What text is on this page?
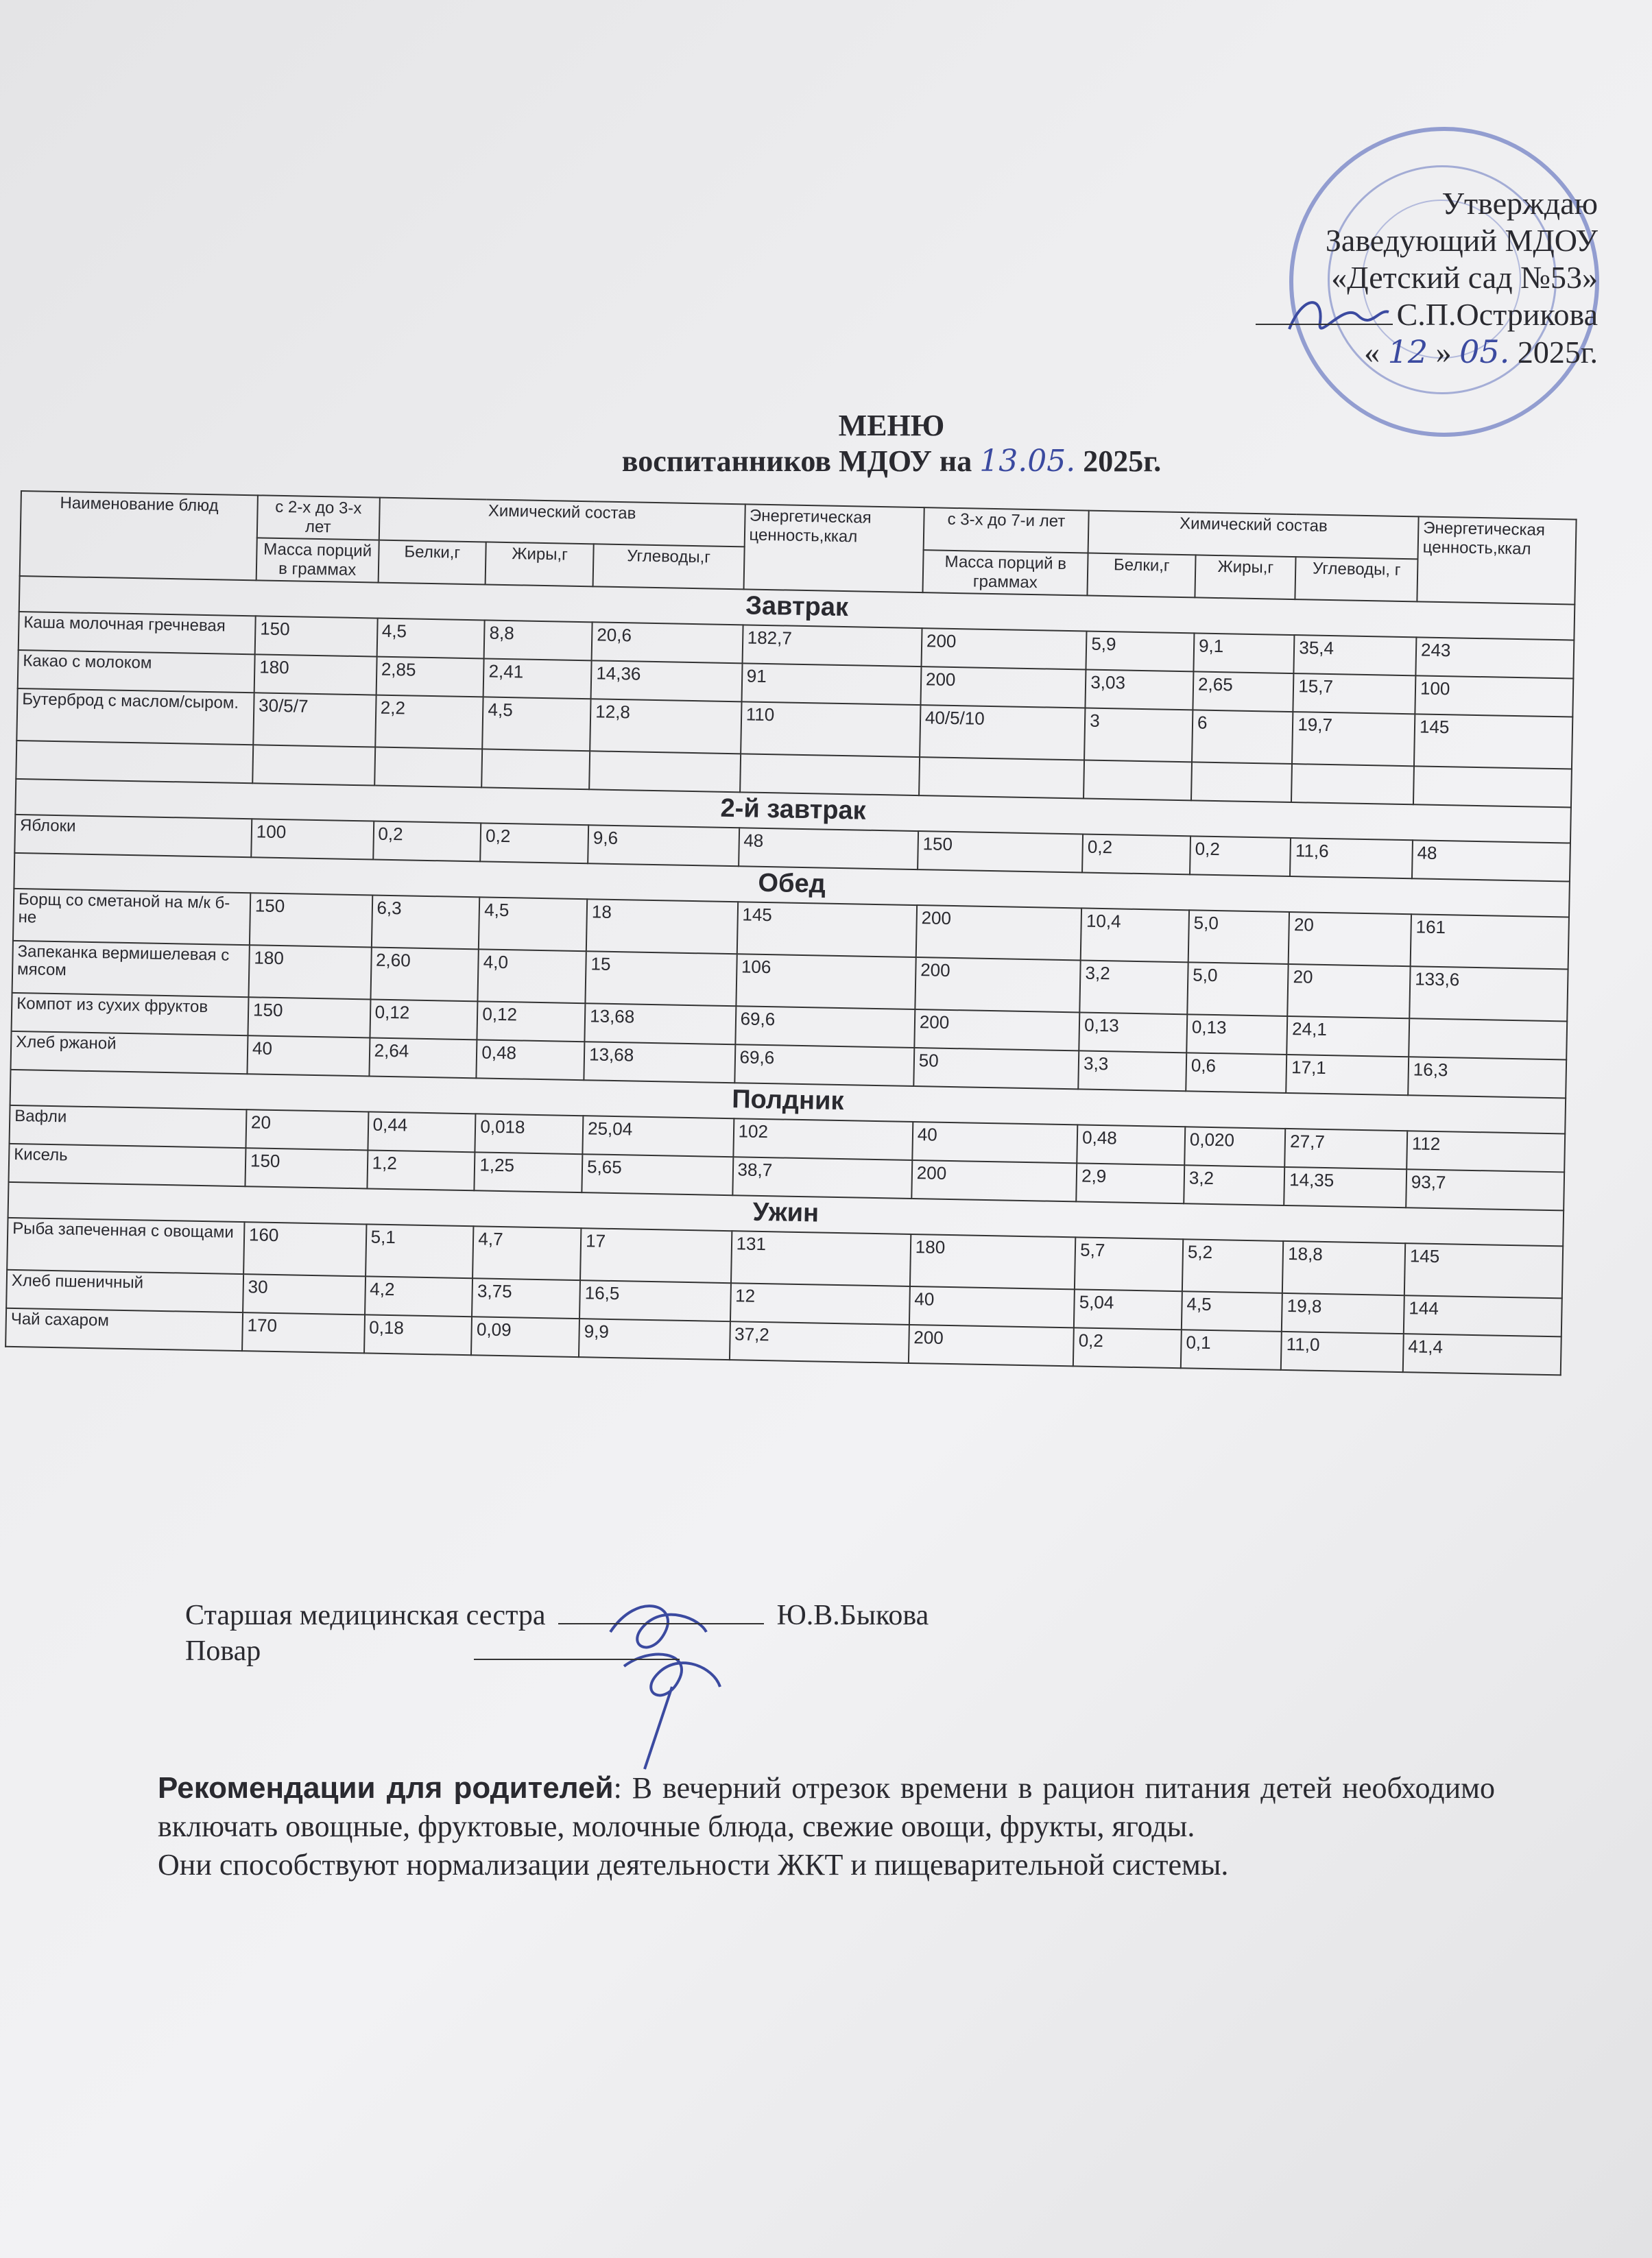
Утверждаю
Заведующий МДОУ
«Детский сад №53»
С.П.Острикова
« 12 » 05. 2025г.
МЕНЮ
воспитанников МДОУ на 13.05. 2025г.
Наименование блюд	с 2-х до 3-х лет	Химический состав			Энергетическая ценность,ккал	с 3-х до 7-и лет	Химический состав			Энергетическая ценность,ккал
	Масса порций в граммах	Белки,г	Жиры,г	Углеводы,г		Масса порций в граммах	Белки,г	Жиры,г	Углеводы, г	
Завтрак										
Каша молочная гречневая	150	4,5	8,8	20,6	182,7	200	5,9	9,1	35,4	243
Какао с молоком	180	2,85	2,41	14,36	91	200	3,03	2,65	15,7	100
Бутерброд с маслом/сыром.	30/5/7	2,2	4,5	12,8	110	40/5/10	3	6	19,7	145

2-й завтрак										
Яблоки	100	0,2	0,2	9,6	48	150	0,2	0,2	11,6	48
Обед										
Борщ со сметаной на м/к б-не	150	6,3	4,5	18	145	200	10,4	5,0	20	161
Запеканка вермишелевая с мясом	180	2,60	4,0	15	106	200	3,2	5,0	20	133,6
Компот из сухих фруктов	150	0,12	0,12	13,68	69,6	200	0,13	0,13	24,1	
Хлеб ржаной	40	2,64	0,48	13,68	69,6	50	3,3	0,6	17,1	16,3
Полдник										
Вафли	20	0,44	0,018	25,04	102	40	0,48	0,020	27,7	112
Кисель	150	1,2	1,25	5,65	38,7	200	2,9	3,2	14,35	93,7
Ужин										
Рыба запеченная с овощами	160	5,1	4,7	17	131	180	5,7	5,2	18,8	145
Хлеб пшеничный	30	4,2	3,75	16,5	12	40	5,04	4,5	19,8	144
Чай сахаром	170	0,18	0,09	9,9	37,2	200	0,2	0,1	11,0	41,4
Старшая медицинская сестра	Ю.В.Быкова
Повар

Рекомендации для родителей: В вечерний отрезок времени в рацион питания детей необходимо включать овощные, фруктовые, молочные блюда, свежие овощи, фрукты, ягоды.

Они способствуют нормализации деятельности ЖКТ и пищеварительной системы.
